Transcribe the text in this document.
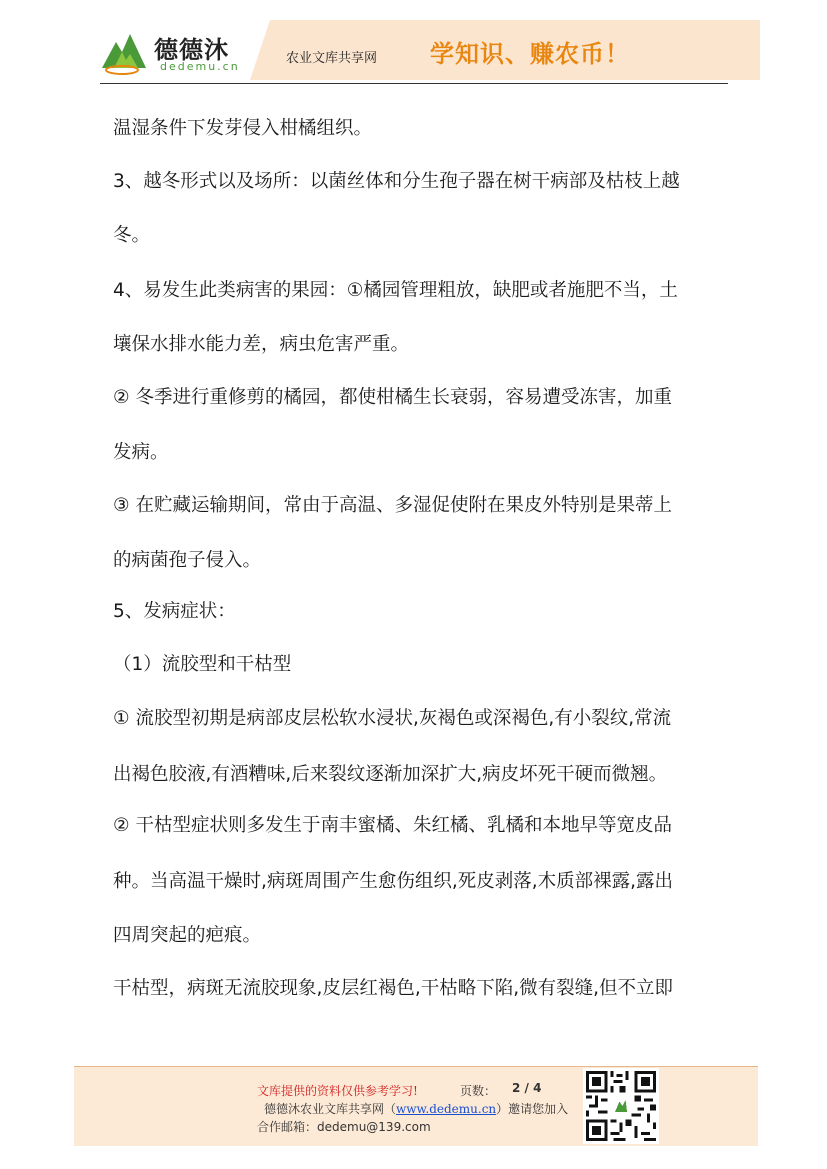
德德沐
dedemu.cn
农业文库共享网 学知识、赚农币！
温湿条件下发芽侵入柑橘组织。
3、越冬形式以及场所：以菌丝体和分生孢子器在树干病部及枯枝上越
冬。
4、易发生此类病害的果园：①橘园管理粗放，缺肥或者施肥不当，土
壤保水排水能力差，病虫危害严重。
② 冬季进行重修剪的橘园，都使柑橘生长衰弱，容易遭受冻害，加重
发病。
③ 在贮藏运输期间，常由于高温、多湿促使附在果皮外特别是果蒂上
的病菌孢子侵入。
5、发病症状：
（1）流胶型和干枯型
① 流胶型初期是病部皮层松软水浸状,灰褐色或深褐色,有小裂纹,常流
出褐色胶液,有酒糟味,后来裂纹逐渐加深扩大,病皮坏死干硬而微翘。
② 干枯型症状则多发生于南丰蜜橘、朱红橘、乳橘和本地早等宽皮品
种。当高温干燥时,病斑周围产生愈伤组织,死皮剥落,木质部裸露,露出
四周突起的疤痕。
干枯型，病斑无流胶现象,皮层红褐色,干枯略下陷,微有裂缝,但不立即
文库提供的资料仅供参考学习!	页数： 2 / 4
德德沐农业文库共享网（www.dedemu.cn）邀请您加入
合作邮箱：dedemu@139.com
